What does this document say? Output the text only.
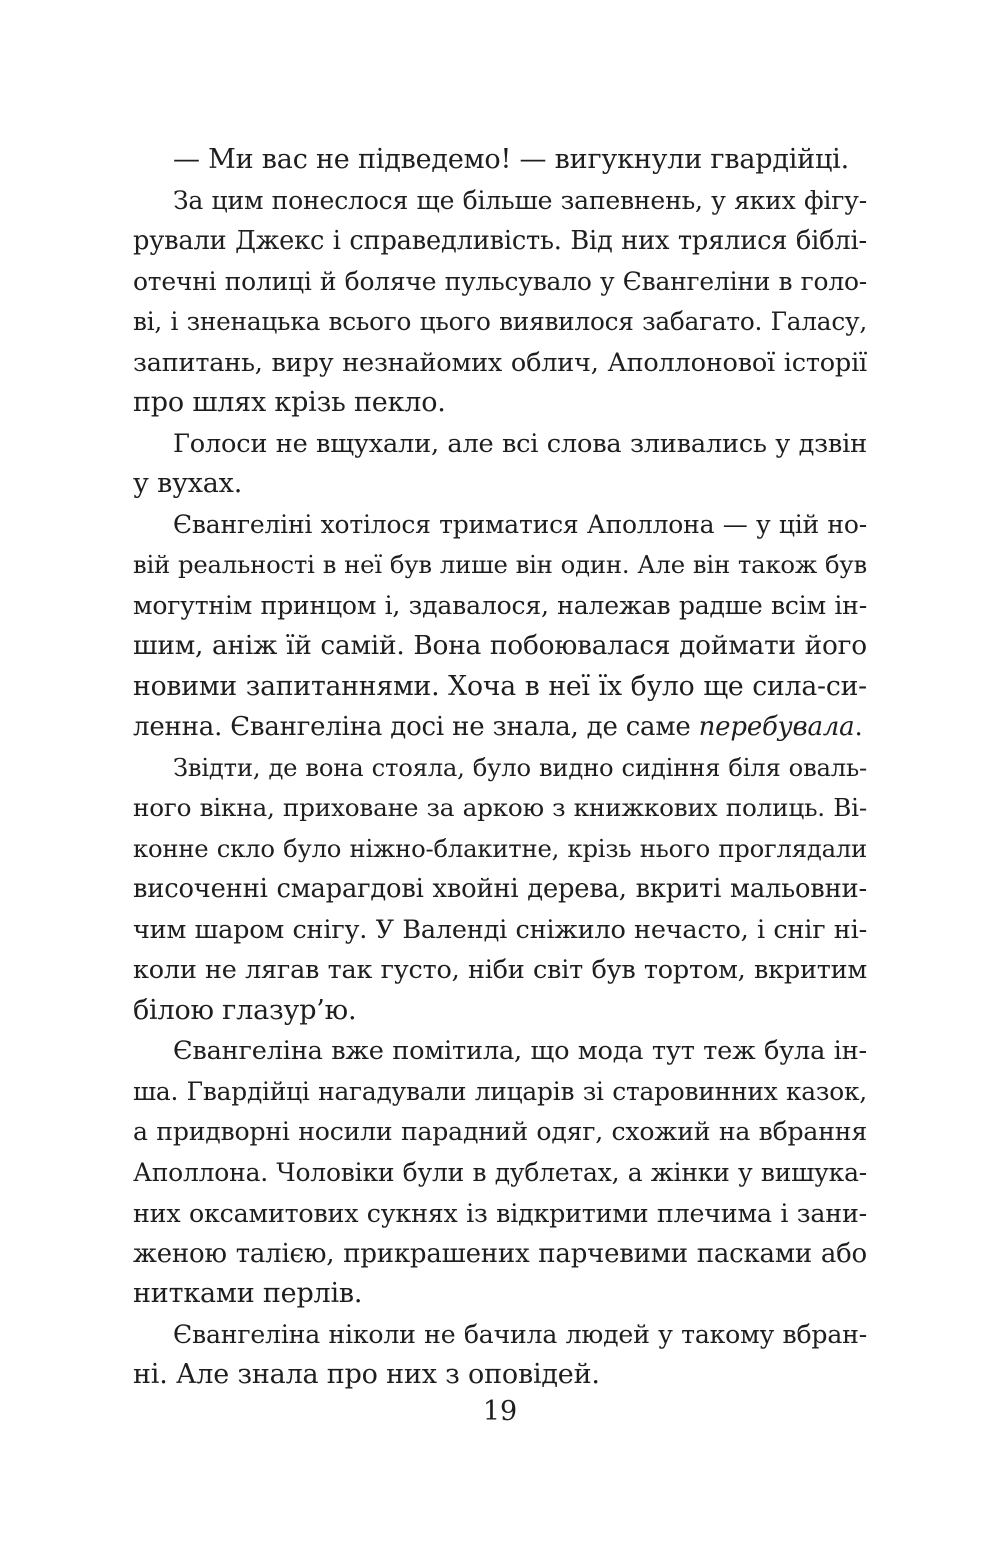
— Ми вас не підведемо! — вигукнули гвардійці.
За цим понеслося ще більше запевнень, у яких фігу-
рували Джекс і справедливість. Від них трялися біблі-
отечні полиці й боляче пульсувало у Євангеліни в голо-
ві, і зненацька всього цього виявилося забагато. Галасу,
запитань, виру незнайомих облич, Аполлонової історії
про шлях крізь пекло.
Голоси не вщухали, але всі слова зливались у дзвін
у вухах.
Євангеліні хотілося триматися Аполлона — у цій но-
вій реальності в неї був лише він один. Але він також був
могутнім принцом і, здавалося, належав радше всім ін-
шим, аніж їй самій. Вона побоювалася доймати його
новими запитаннями. Хоча в неї їх було ще сила-си-
ленна. Євангеліна досі не знала, де саме перебувала.
Звідти, де вона стояла, було видно сидіння біля оваль-
ного вікна, приховане за аркою з книжкових полиць. Ві-
конне скло було ніжно-блакитне, крізь нього проглядали
височенні смарагдові хвойні дерева, вкриті мальовни-
чим шаром снігу. У Валенді сніжило нечасто, і сніг ні-
коли не лягав так густо, ніби світ був тортом, вкритим
білою глазур’ю.
Євангеліна вже помітила, що мода тут теж була ін-
ша. Гвардійці нагадували лицарів зі старовинних казок,
а придворні носили парадний одяг, схожий на вбрання
Аполлона. Чоловіки були в дублетах, а жінки у вишука-
них оксамитових сукнях із відкритими плечима і зани-
женою талією, прикрашених парчевими пасками або
нитками перлів.
Євангеліна ніколи не бачила людей у такому вбран-
ні. Але знала про них з оповідей.
19
